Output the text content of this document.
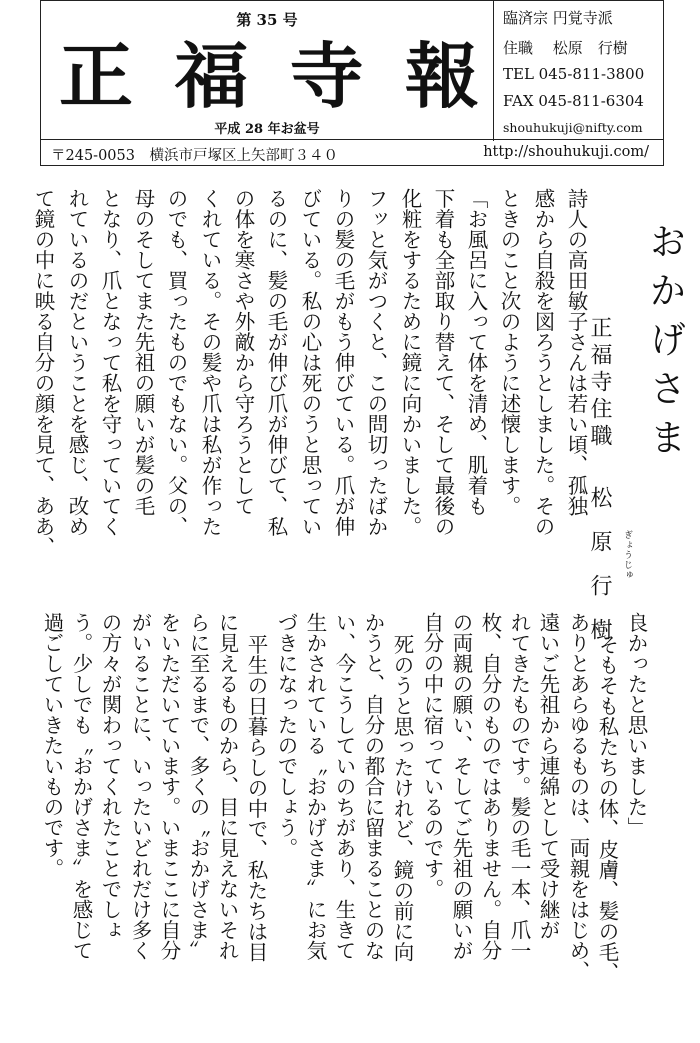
第 35 号
正 福 寺 報
平成 28 年お盆号
臨済宗 円覚寺派
住職　 松原　行樹
TEL 045-811-3800
FAX 045-811-6304
shouhukuji@nifty.com
〒245-0053　横浜市戸塚区上矢部町３４０	http://shouhukuji.com/
おかげさま
正福寺住職
松原行樹	ぎょうじゅ
詩人の高田敏子さんは若い頃、孤独
感から自殺を図ろうとしました。その
ときのこと次のように述懐します。
「お風呂に入って体を清め、肌着も
下着も全部取り替えて、そして最後の
化粧をするために鏡に向かいました。
フッと気がつくと、この問切ったばか
りの髪の毛がもう伸びている。爪が伸
びている。私の心は死のうと思ってい
るのに、髪の毛が伸び爪が伸びて、私
の体を寒さや外敵から守ろうとして
くれている。その髪や爪は私が作った
のでも、買ったものでもない。父の、
母のそしてまた先祖の願いが髪の毛
となり、爪となって私を守っていてく
れているのだということを感じ、改め
て鏡の中に映る自分の顔を見て、ああ、
良かったと思いました」
そもそも私たちの体、皮膚、髪の毛、
ありとあらゆるものは、両親をはじめ、
遠いご先祖から連綿として受け継が
れてきたものです。髪の毛一本、爪一
枚、自分のものではありません。自分
の両親の願い、そしてご先祖の願いが
自分の中に宿っているのです。
死のうと思ったけれど、鏡の前に向
かうと、自分の都合に留まることのな
い、今こうしていのちがあり、生きて
生かされている〝おかげさま〟にお気
づきになったのでしょう。
平生の日暮らしの中で、私たちは目
に見えるものから、目に見えないそれ
らに至るまで、多くの〝おかげさま〟
をいただいています。いまここに自分
がいることに、いったいどれだけ多く
の方々が関わってくれたことでしょ
う。少しでも〝おかげさま〟を感じて
過ごしていきたいものです。
